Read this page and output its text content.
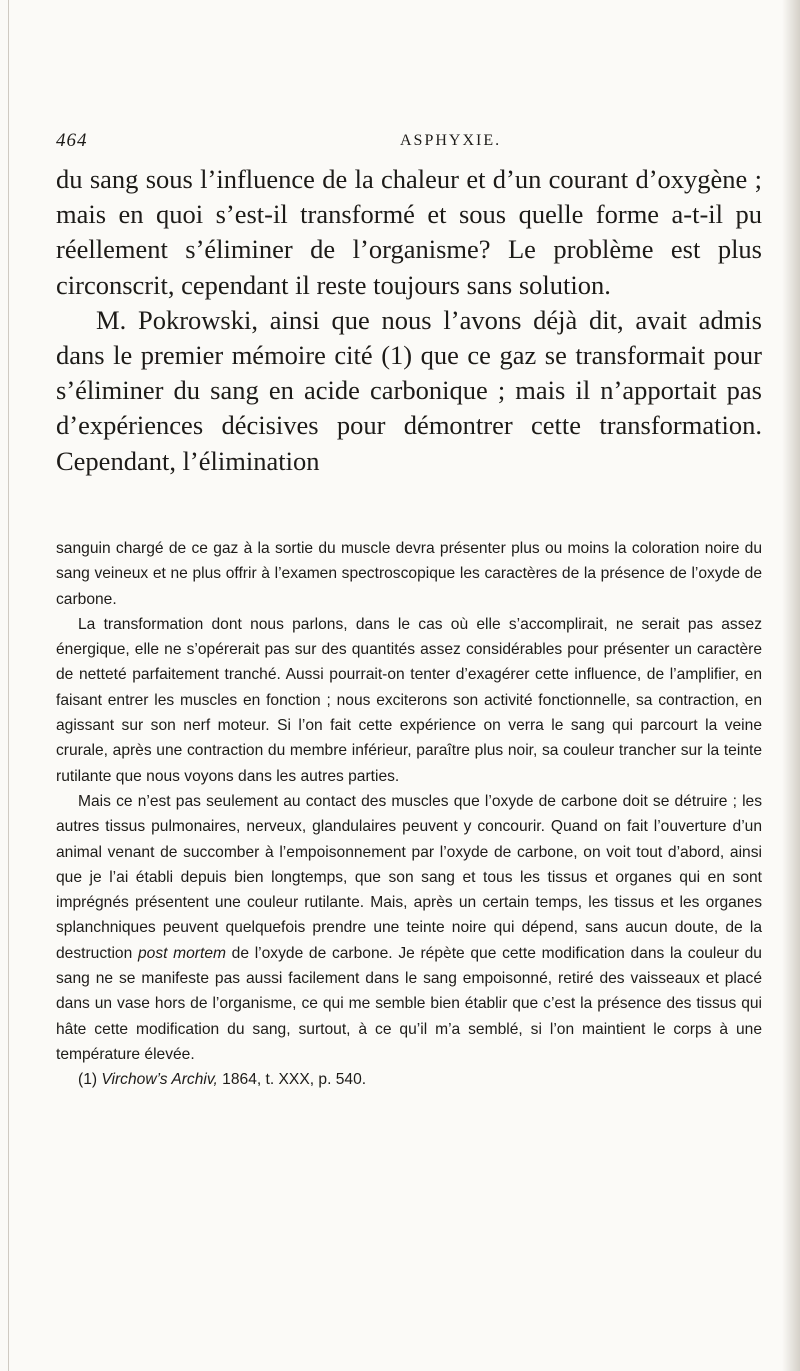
464	ASPHYXIE.

du sang sous l’influence de la chaleur et d’un courant d’oxygène ; mais en quoi s’est-il transformé et sous quelle forme a-t-il pu réellement s’éliminer de l’organisme? Le problème est plus circonscrit, cependant il reste toujours sans solution.

M. Pokrowski, ainsi que nous l’avons déjà dit, avait admis dans le premier mémoire cité (1) que ce gaz se transformait pour s’éliminer du sang en acide carbonique ; mais il n’apportait pas d’expériences décisives pour démontrer cette transformation. Cependant, l’élimination

sanguin chargé de ce gaz à la sortie du muscle devra présenter plus ou moins la coloration noire du sang veineux et ne plus offrir à l’examen spectroscopique les caractères de la présence de l’oxyde de carbone.

La transformation dont nous parlons, dans le cas où elle s’accomplirait, ne serait pas assez énergique, elle ne s’opérerait pas sur des quantités assez considérables pour présenter un caractère de netteté parfaitement tranché. Aussi pourrait-on tenter d’exagérer cette influence, de l’amplifier, en faisant entrer les muscles en fonction ; nous exciterons son activité fonctionnelle, sa contraction, en agissant sur son nerf moteur. Si l’on fait cette expérience on verra le sang qui parcourt la veine crurale, après une contraction du membre inférieur, paraître plus noir, sa couleur trancher sur la teinte rutilante que nous voyons dans les autres parties.

Mais ce n’est pas seulement au contact des muscles que l’oxyde de carbone doit se détruire ; les autres tissus pulmonaires, nerveux, glandulaires peuvent y concourir. Quand on fait l’ouverture d’un animal venant de succomber à l’empoisonnement par l’oxyde de carbone, on voit tout d’abord, ainsi que je l’ai établi depuis bien longtemps, que son sang et tous les tissus et organes qui en sont imprégnés présentent une couleur rutilante. Mais, après un certain temps, les tissus et les organes splanchniques peuvent quelquefois prendre une teinte noire qui dépend, sans aucun doute, de la destruction post mortem de l’oxyde de carbone. Je répète que cette modification dans la couleur du sang ne se manifeste pas aussi facilement dans le sang empoisonné, retiré des vaisseaux et placé dans un vase hors de l’organisme, ce qui me semble bien établir que c’est la présence des tissus qui hâte cette modification du sang, surtout, à ce qu’il m’a semblé, si l’on maintient le corps à une température élevée.

(1) Virchow’s Archiv, 1864, t. XXX, p. 540.
